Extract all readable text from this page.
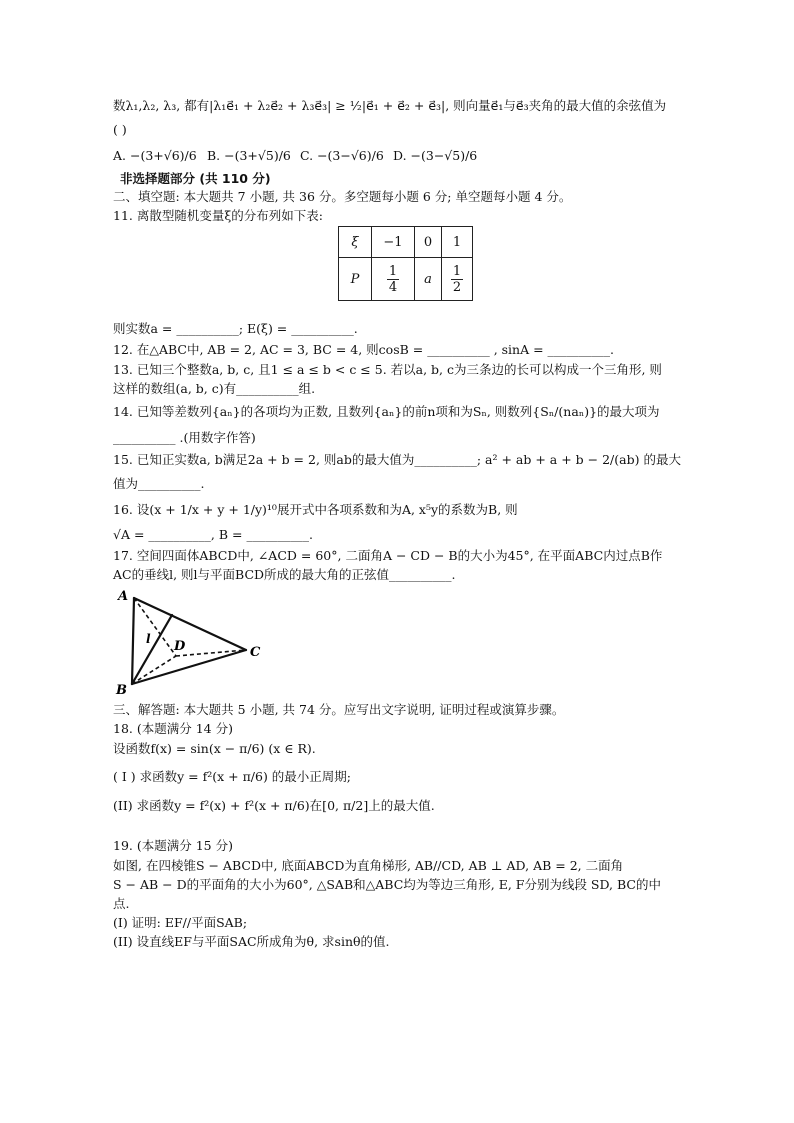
数λ₁,λ₂, λ₃, 都有|λ₁e⃗₁ + λ₂e⃗₂ + λ₃e⃗₃| ≥ ½|e⃗₁ + e⃗₂ + e⃗₃|, 则向量e⃗₁与e⃗₃夹角的最大值的余弦值为
( )
A. −(3+√6)/6 B. −(3+√5)/6 C. −(3−√6)/6 D. −(3−√5)/6
非选择题部分 (共 110 分)
二、填空题: 本大题共 7 小题, 共 36 分。多空题每小题 6 分; 单空题每小题 4 分。
11. 离散型随机变量ξ的分布列如下表:
ξ	−1	0	1
P	$\frac{1}{4}$	a	$\frac{1}{2}$
则实数a = __________; E(ξ) = __________.
12. 在△ABC中, AB = 2, AC = 3, BC = 4, 则cosB = __________ , sinA = __________.
13. 已知三个整数a, b, c, 且1 ≤ a ≤ b < c ≤ 5. 若以a, b, c为三条边的长可以构成一个三角形, 则
这样的数组(a, b, c)有__________组.
14. 已知等差数列{aₙ}的各项均为正数, 且数列{aₙ}的前n项和为Sₙ, 则数列{Sₙ/(naₙ)}的最大项为
__________ .(用数字作答)
15. 已知正实数a, b满足2a + b = 2, 则ab的最大值为__________; a² + ab + a + b − 2/(ab) 的最大
值为__________.
16. 设(x + 1/x + y + 1/y)¹⁰展开式中各项系数和为A, x⁵y的系数为B, 则
√A = __________, B = __________.
17. 空间四面体ABCD中, ∠ACD = 60°, 二面角A − CD − B的大小为45°, 在平面ABC内过点B作
AC的垂线l, 则l与平面BCD所成的最大角的正弦值__________.
A
B
C
D
l
三、解答题: 本大题共 5 小题, 共 74 分。应写出文字说明, 证明过程或演算步骤。
18. (本题满分 14 分)
设函数f(x) = sin(x − π/6) (x ∈ R).
( I ) 求函数y = f²(x + π/6) 的最小正周期;
(II) 求函数y = f²(x) + f²(x + π/6)在[0, π/2]上的最大值.
19. (本题满分 15 分)
如图, 在四棱锥S − ABCD中, 底面ABCD为直角梯形, AB//CD, AB ⊥ AD, AB = 2, 二面角
S − AB − D的平面角的大小为60°, △SAB和△ABC均为等边三角形, E, F分别为线段 SD, BC的中
点.
(I) 证明: EF//平面SAB;
(II) 设直线EF与平面SAC所成角为θ, 求sinθ的值.
